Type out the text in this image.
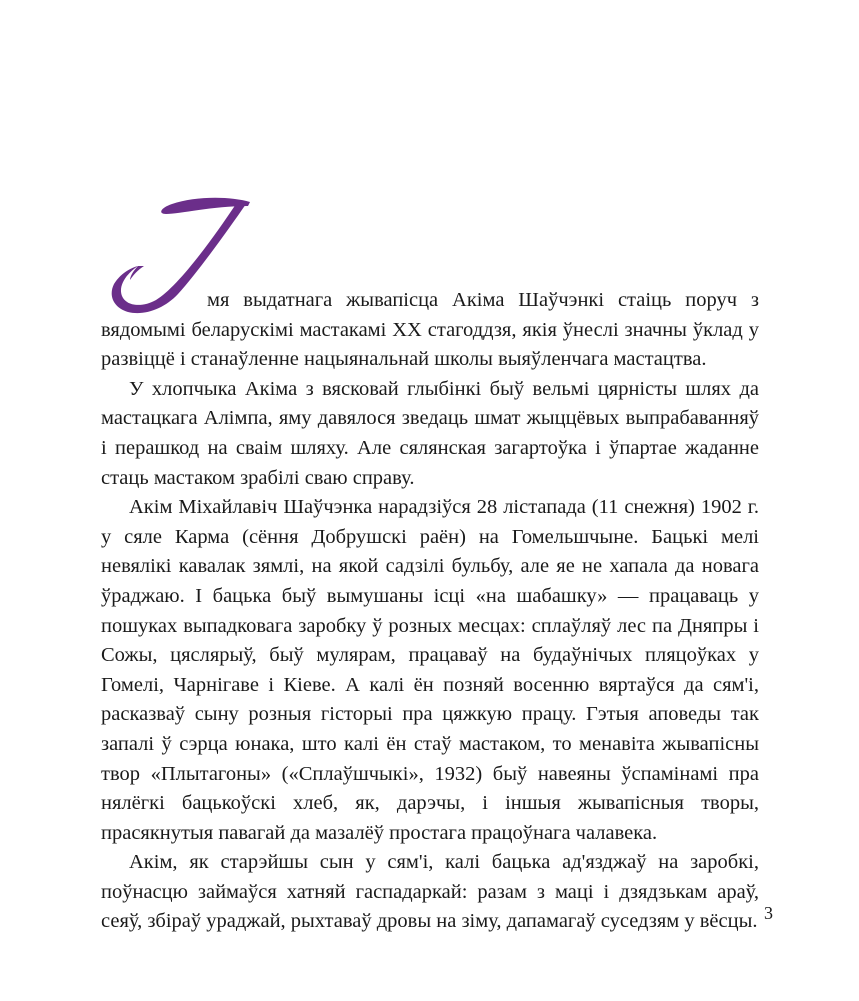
мя выдатнага жывапісца Акіма Шаўчэнкі стаіць поруч з вядомымі беларускімі мастакамі XX стагоддзя, якія ўнеслі значны ўклад у развіццё і станаўленне нацыянальнай школы выяўленчага мастацтва.

У хлопчыка Акіма з вясковай глыбінкі быў вельмі цярністы шлях да мастацкага Алімпа, яму давялося зведаць шмат жыццёвых выпрабаванняў і перашкод на сваім шляху. Але сялянская загартоўка і ўпартае жаданне стаць мастаком зрабілі сваю справу.

Акім Міхайлавіч Шаўчэнка нарадзіўся 28 лістапада (11 снежня) 1902 г. у сяле Карма (сёння Добрушскі раён) на Гомельшчыне. Бацькі мелі невялікі кавалак зямлі, на якой садзілі бульбу, але яе не хапала да новага ўраджаю. І бацька быў вымушаны ісці «на шабашку» — працаваць у пошуках выпадковага заробку ў розных месцах: сплаўляў лес па Дняпры і Сожы, цяслярыў, быў мулярам, працаваў на будаўнічых пляцоўках у Гомелі, Чарнігаве і Кіеве. А калі ён позняй восенню вяртаўся да сям'і, расказваў сыну розныя гісторыі пра цяжкую працу. Гэтыя аповеды так запалі ў сэрца юнака, што калі ён стаў мастаком, то менавіта жывапісны твор «Плытагоны» («Сплаўшчыкі», 1932) быў навеяны ўспамінамі пра нялёгкі бацькоўскі хлеб, як, дарэчы, і іншыя жывапісныя творы, прасякнутыя павагай да мазалёў простага працоўнага чалавека.

Акім, як старэйшы сын у сям'і, калі бацька ад'язджаў на заробкі, поўнасцю займаўся хатняй гаспадаркай: разам з маці і дзядзькам араў, сеяў, збіраў ураджай, рыхтаваў дровы на зіму, дапамагаў суседзям у вёсцы. 3
